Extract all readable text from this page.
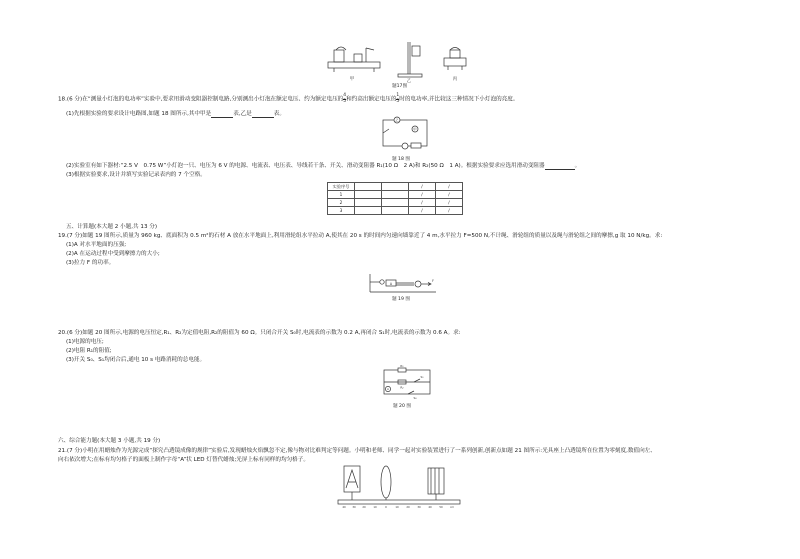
甲	乙	丙
题17图
18.(6 分)在“测量小灯泡的电功率”实验中,要求用滑动变阻器控制电路,分别测出小灯泡在额定电压、约为额定电压的 $\frac{4}{5}$ 和约高出额定电压的 $\frac{1}{5}$ 时的电功率,并比较这三种情况下小灯泡的亮度。
(1)先根据实验的要求设计电路图,如题 18 图所示,其中甲是	表,乙是	表。
乙
甲
题 18 图
(2)实验室有如下器材:“2.5 V　0.75 W”小灯泡一只、电压为 6 V 的电源、电流表、电压表、导线若干条、开关、滑动变阻器 R₁(10 Ω　2 A)和 R₂(50 Ω　1 A)。根据实验要求应选用滑动变阻器	。
(3)根据实验要求,设计并填写实验记录表内的 7 个空格。
实验序号			/	/
1			/	/
2			/	/
3			/	/
五、计算题(本大题 2 小题,共 13 分)
19.(7 分)如题 19 图所示,质量为 960 kg、底面积为 0.5 m²的石材 A 放在水平地面上,利用滑轮组水平拉动 A,使其在 20 s 的时间内匀速向墙靠近了 4 m,水平拉力 F=500 N,不计绳、滑轮组的质量以及绳与滑轮组之间的摩擦,g 取 10 N/kg。求:
(1)A 对水平地面的压强;
(2)A 在运动过程中受到摩擦力的大小;
(3)拉力 F 的功率。
A
F
题 19 图
20.(6 分)如题 20 图所示,电源的电压恒定,R₁、R₂为定值电阻,R₂的阻值为 60 Ω。只闭合开关 S₀时,电流表的示数为 0.2 A,再闭合 S₁时,电流表的示数为 0.6 A。求:
(1)电源的电压;
(2)电阻 R₁的阻值;
(3)开关 S₀、S₁均闭合后,通电 10 s 电路消耗的总电能。
R₁
R₂
S₁
S₀
A
题 20 图
六、综合能力题(本大题 3 小题,共 19 分)
21.(7 分)小明在用蜡烛作为光源完成“探究凸透镜成像的规律”实验后,发现蜡烛火焰飘忽不定,像与物对比难判定等问题。小明和老师、同学一起对实验装置进行了一系列创新,创新点如题 21 图所示:光具座上凸透镜所在位置为零刻度,数值向左、
向右依次增大;在标有均匀格子的面板上制作字母“A”状 LED 灯替代蜡烛;光屏上标有同样的均匀格子。
40	30	20	10	0	10	20	30	40	50	cm
